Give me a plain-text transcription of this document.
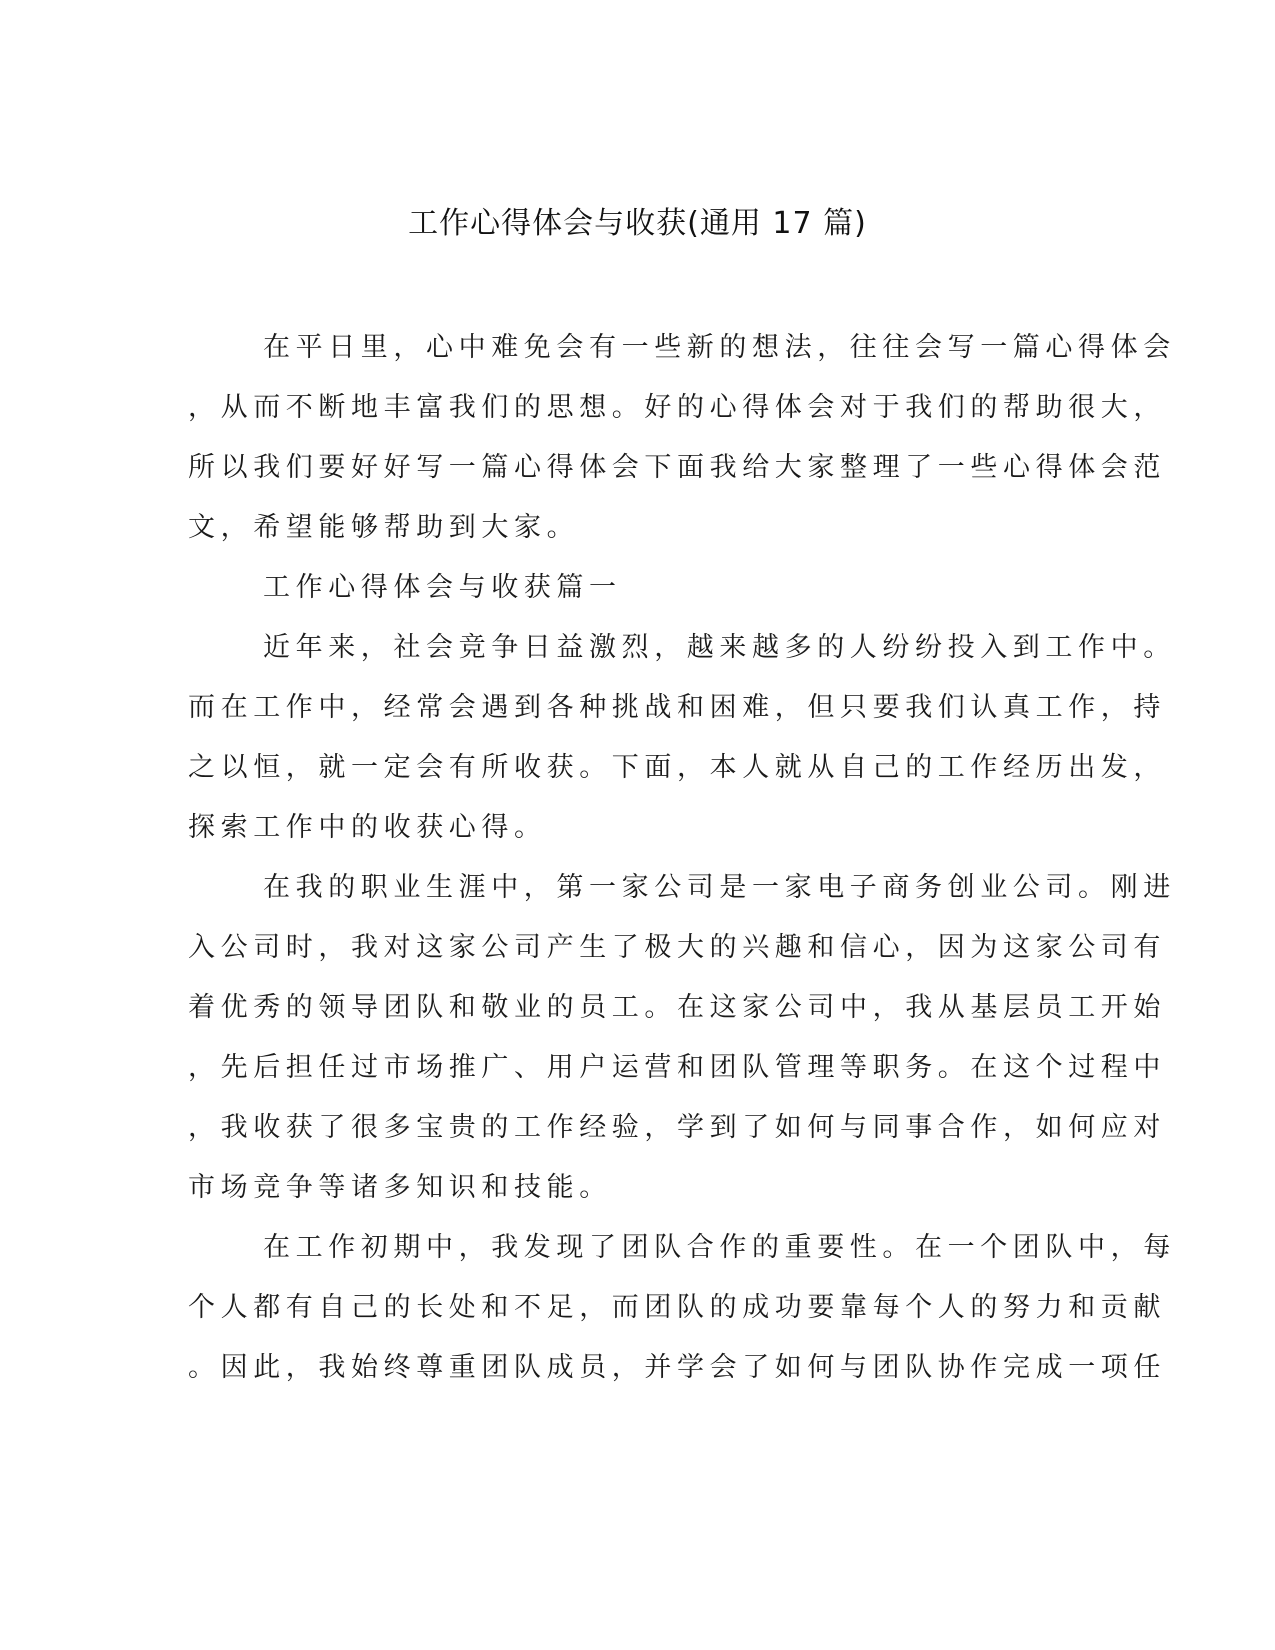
工作心得体会与收获(通用 17 篇)
在平日里，心中难免会有一些新的想法，往往会写一篇心得体会
，从而不断地丰富我们的思想。好的心得体会对于我们的帮助很大，
所以我们要好好写一篇心得体会下面我给大家整理了一些心得体会范
文，希望能够帮助到大家。
工作心得体会与收获篇一
近年来，社会竞争日益激烈，越来越多的人纷纷投入到工作中。
而在工作中，经常会遇到各种挑战和困难，但只要我们认真工作，持
之以恒，就一定会有所收获。下面，本人就从自己的工作经历出发，
探索工作中的收获心得。
在我的职业生涯中，第一家公司是一家电子商务创业公司。刚进
入公司时，我对这家公司产生了极大的兴趣和信心，因为这家公司有
着优秀的领导团队和敬业的员工。在这家公司中，我从基层员工开始
，先后担任过市场推广、用户运营和团队管理等职务。在这个过程中
，我收获了很多宝贵的工作经验，学到了如何与同事合作，如何应对
市场竞争等诸多知识和技能。
在工作初期中，我发现了团队合作的重要性。在一个团队中，每
个人都有自己的长处和不足，而团队的成功要靠每个人的努力和贡献
。因此，我始终尊重团队成员，并学会了如何与团队协作完成一项任
